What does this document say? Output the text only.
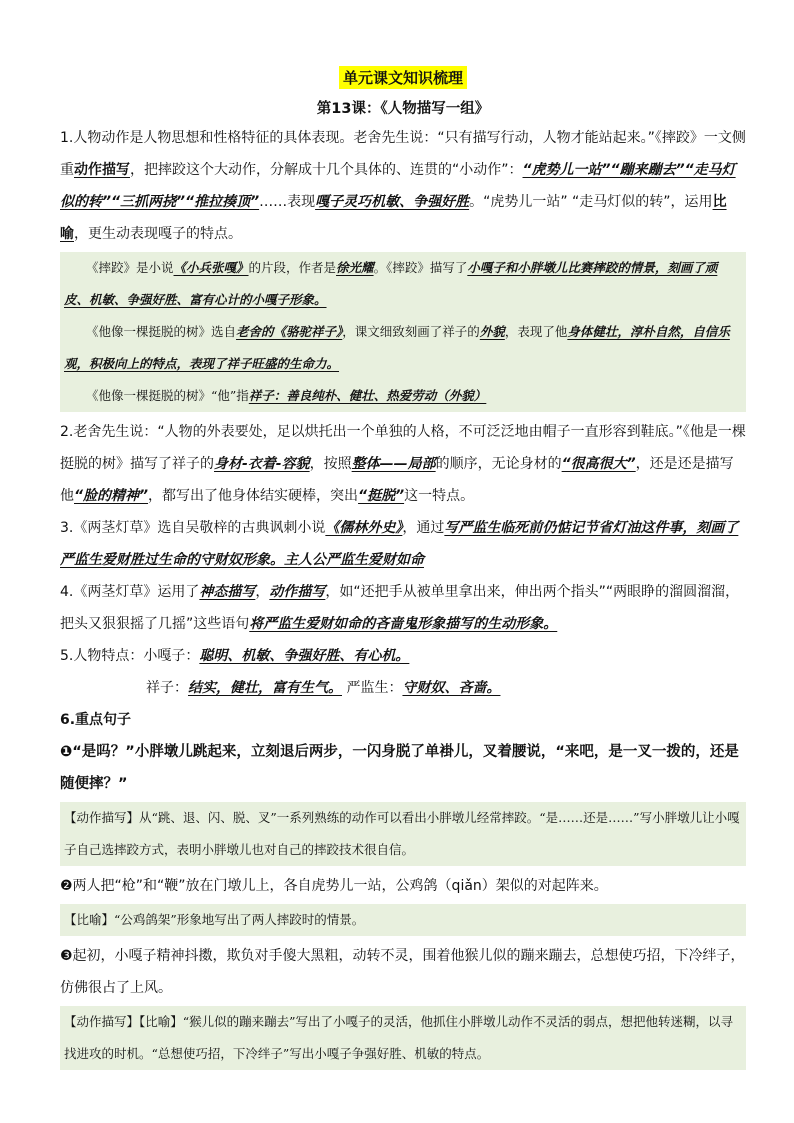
单元课文知识梳理
第13课：《人物描写一组》

1.人物动作是人物思想和性格特征的具体表现。老舍先生说：“只有描写行动，人物才能站起来。”《摔跤》一文侧重动作描写，把摔跤这个大动作，分解成十几个具体的、连贯的“小动作”：“虎势儿一站”“蹦来蹦去”“走马灯似的转”“三抓两挠”“推拉揍顶”……表现嘎子灵巧机敏、争强好胜。“虎势儿一站” “走马灯似的转”，运用比喻，更生动表现嘎子的特点。

《摔跤》是小说《小兵张嘎》的片段，作者是徐光耀。《摔跤》描写了小嘎子和小胖墩儿比赛摔跤的情景，刻画了顽皮、机敏、争强好胜、富有心计的小嘎子形象。

《他像一棵挺脱的树》选自老舍的《骆驼祥子》，课文细致刻画了祥子的外貌，表现了他身体健壮，淳朴自然，自信乐观，积极向上的特点，表现了祥子旺盛的生命力。

《他像一棵挺脱的树》“他”指祥子：善良纯朴、健壮、热爱劳动（外貌）

2.老舍先生说：“人物的外表要处，足以烘托出一个单独的人格，不可泛泛地由帽子一直形容到鞋底。”《他是一棵挺脱的树》描写了祥子的身材-衣着-容貌，按照整体——局部的顺序，无论身材的“很高很大”，还是还是描写他“脸的精神”，都写出了他身体结实硬棒，突出“挺脱”这一特点。

3.《两茎灯草》选自吴敬梓的古典讽刺小说《儒林外史》，通过写严监生临死前仍惦记节省灯油这件事，刻画了严监生爱财胜过生命的守财奴形象。主人公严监生爱财如命

4.《两茎灯草》运用了神态描写，动作描写，如“还把手从被单里拿出来，伸出两个指头”“两眼睁的溜圆溜溜，把头又狠狠摇了几摇”这些语句将严监生爱财如命的吝啬鬼形象描写的生动形象。

5.人物特点：小嘎子：聪明、机敏、争强好胜、有心机。

祥子：结实，健壮，富有生气。 严监生：守财奴、吝啬。

6.重点句子

❶“是吗？”小胖墩儿跳起来，立刻退后两步，一闪身脱了单褂儿，叉着腰说，“来吧，是一叉一拨的，还是随便摔？”

【动作描写】从“跳、退、闪、脱、叉”一系列熟练的动作可以看出小胖墩儿经常摔跤。“是……还是……”写小胖墩儿让小嘎子自己选摔跤方式，表明小胖墩儿也对自己的摔跤技术很自信。

❷两人把“枪”和“鞭”放在门墩儿上，各自虎势儿一站，公鸡鸽（qiǎn）架似的对起阵来。

【比喻】“公鸡鸽架”形象地写出了两人摔跤时的情景。

❸起初，小嘎子精神抖擞，欺负对手傻大黑粗，动转不灵，围着他猴儿似的蹦来蹦去，总想使巧招，下冷绊子，仿佛很占了上风。

【动作描写】【比喻】“猴儿似的蹦来蹦去”写出了小嘎子的灵活，他抓住小胖墩儿动作不灵活的弱点，想把他转迷糊，以寻找进攻的时机。“总想使巧招，下冷绊子”写出小嘎子争强好胜、机敏的特点。
